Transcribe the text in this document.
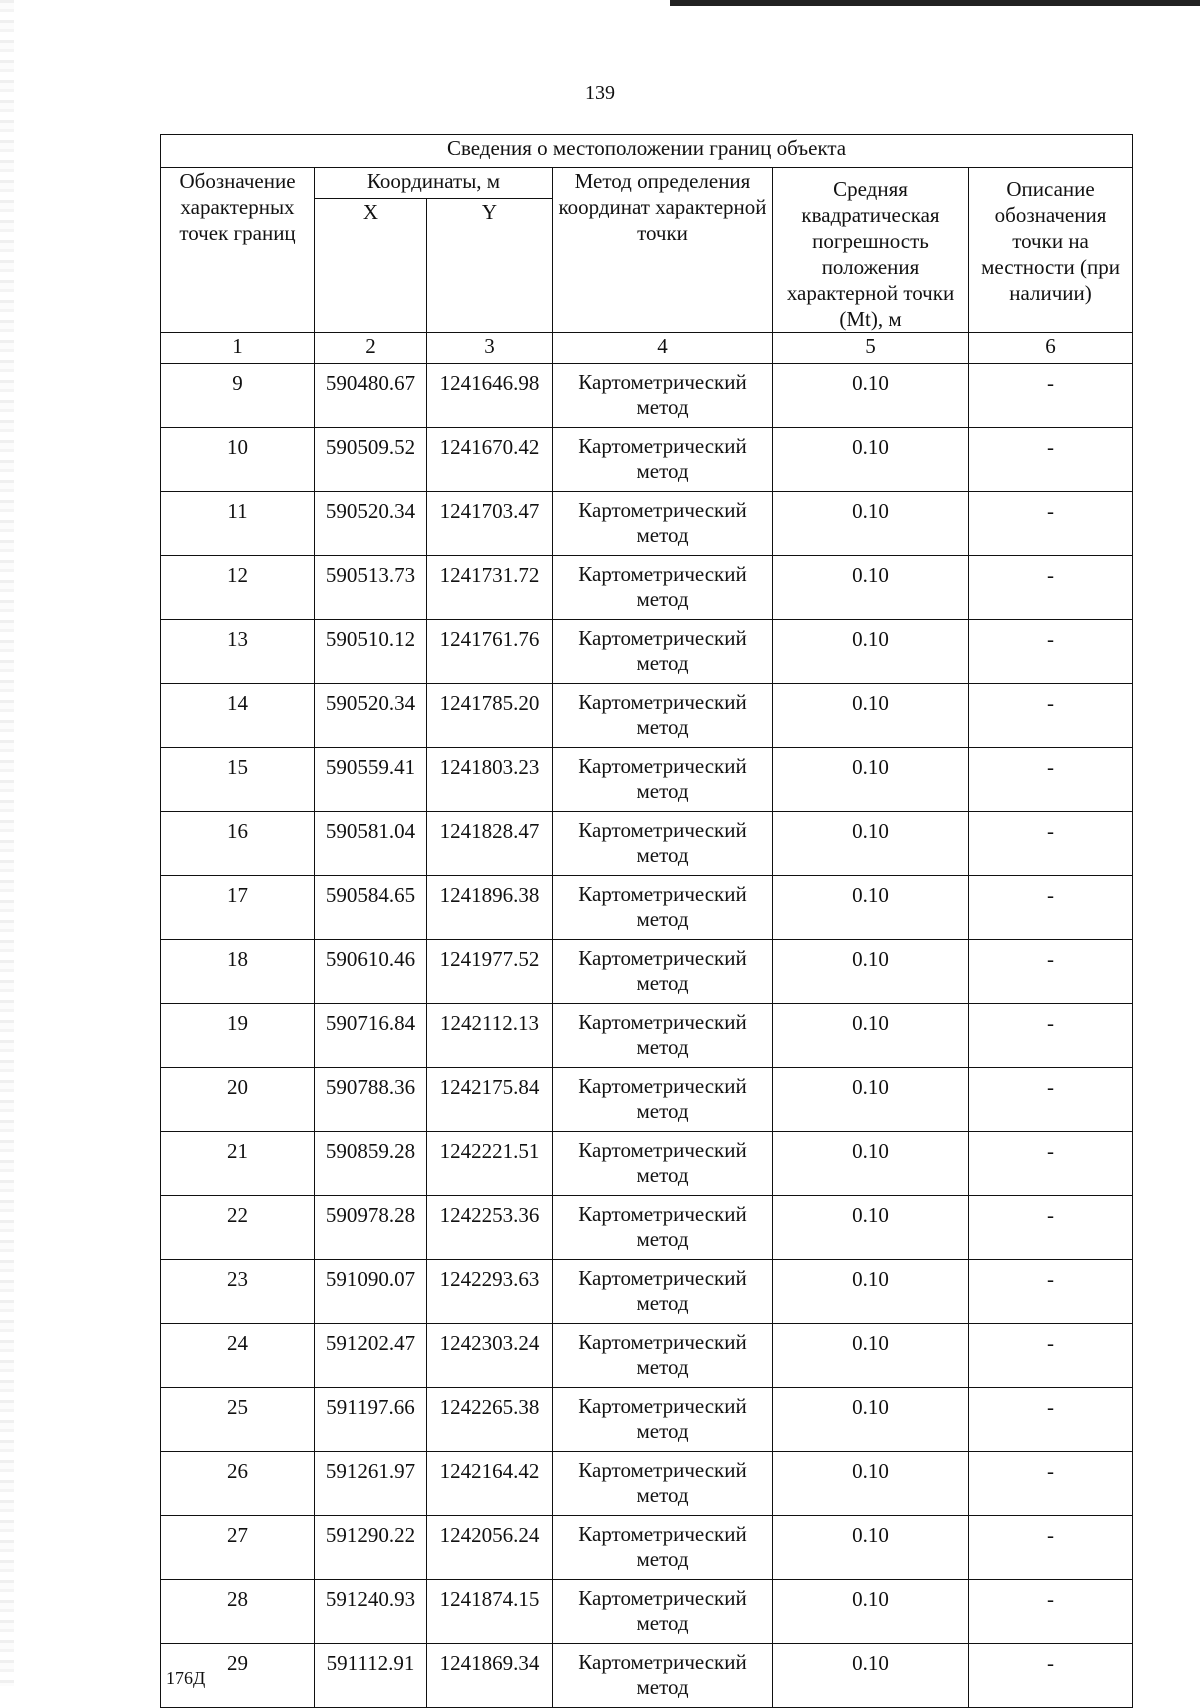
139
Сведения о местоположении границ объекта					
Обозначение характерных точек границ	Координаты, м		Метод определения координат характерной точки	Средняя квадратическая погрешность положения характерной точки (Mt), м	Описание обозначения точки на местности (при наличии)
	X	Y			
1	2	3	4	5	6
9	590480.67	1241646.98	Картометрический метод	0.10	-
10	590509.52	1241670.42	Картометрический метод	0.10	-
11	590520.34	1241703.47	Картометрический метод	0.10	-
12	590513.73	1241731.72	Картометрический метод	0.10	-
13	590510.12	1241761.76	Картометрический метод	0.10	-
14	590520.34	1241785.20	Картометрический метод	0.10	-
15	590559.41	1241803.23	Картометрический метод	0.10	-
16	590581.04	1241828.47	Картометрический метод	0.10	-
17	590584.65	1241896.38	Картометрический метод	0.10	-
18	590610.46	1241977.52	Картометрический метод	0.10	-
19	590716.84	1242112.13	Картометрический метод	0.10	-
20	590788.36	1242175.84	Картометрический метод	0.10	-
21	590859.28	1242221.51	Картометрический метод	0.10	-
22	590978.28	1242253.36	Картометрический метод	0.10	-
23	591090.07	1242293.63	Картометрический метод	0.10	-
24	591202.47	1242303.24	Картометрический метод	0.10	-
25	591197.66	1242265.38	Картометрический метод	0.10	-
26	591261.97	1242164.42	Картометрический метод	0.10	-
27	591290.22	1242056.24	Картометрический метод	0.10	-
28	591240.93	1241874.15	Картометрический метод	0.10	-
29	591112.91	1241869.34	Картометрический метод	0.10	-
176Д
